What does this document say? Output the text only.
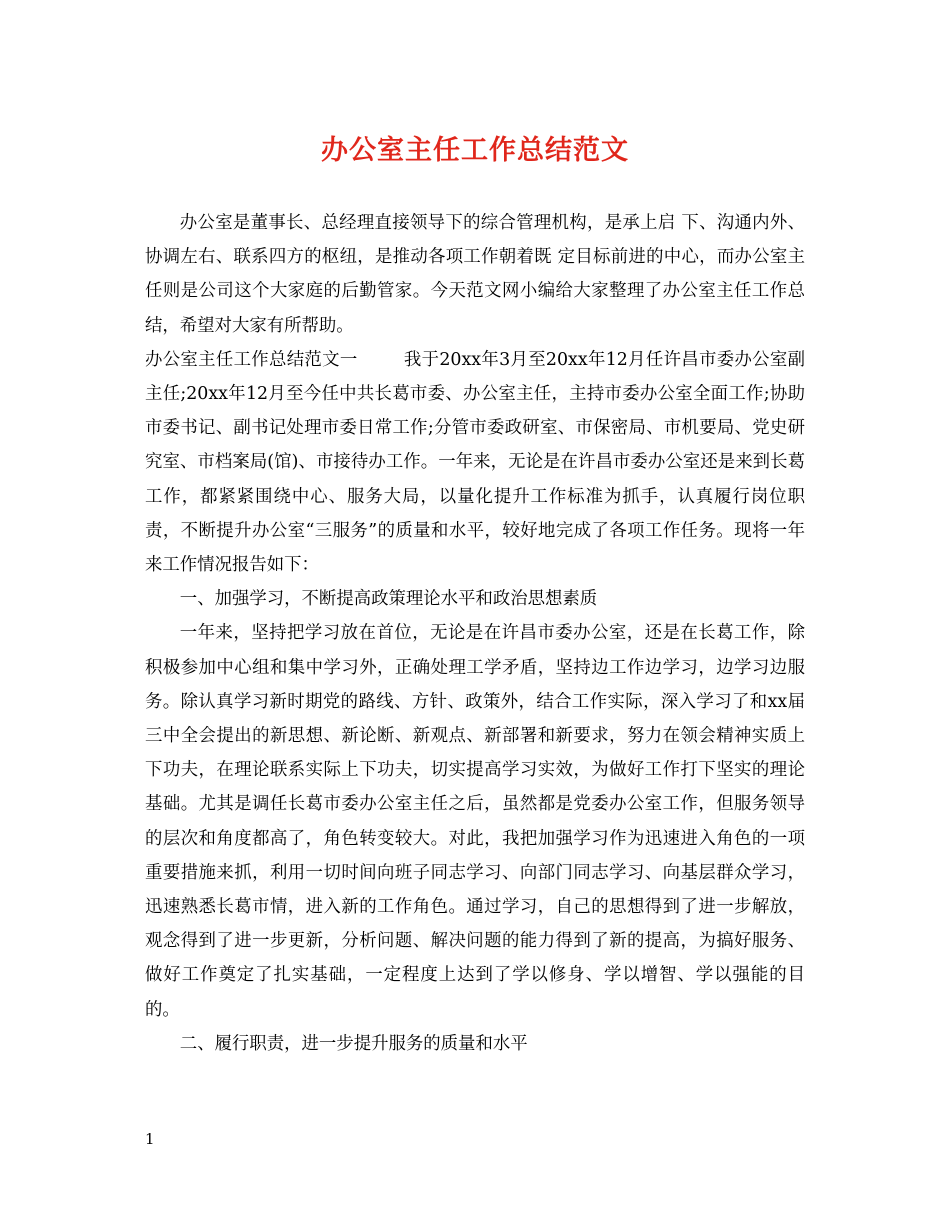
办公室主任工作总结范文

办公室是董事长、总经理直接领导下的综合管理机构，是承上启 下、沟通内外、协调左右、联系四方的枢纽，是推动各项工作朝着既 定目标前进的中心，而办公室主任则是公司这个大家庭的后勤管家。今天范文网小编给大家整理了办公室主任工作总结，希望对大家有所帮助。

办公室主任工作总结范文一	我于20xx年3月至20xx年12月任许昌市委办公室副主任;20xx年12月至今任中共长葛市委、办公室主任，主持市委办公室全面工作;协助市委书记、副书记处理市委日常工作;分管市委政研室、市保密局、市机要局、党史研究室、市档案局(馆)、市接待办工作。一年来，无论是在许昌市委办公室还是来到长葛工作，都紧紧围绕中心、服务大局，以量化提升工作标准为抓手，认真履行岗位职责，不断提升办公室“三服务”的质量和水平，较好地完成了各项工作任务。现将一年来工作情况报告如下：

一、加强学习，不断提高政策理论水平和政治思想素质

一年来，坚持把学习放在首位，无论是在许昌市委办公室，还是在长葛工作，除积极参加中心组和集中学习外，正确处理工学矛盾，坚持边工作边学习，边学习边服务。除认真学习新时期党的路线、方针、政策外，结合工作实际，深入学习了和xx届三中全会提出的新思想、新论断、新观点、新部署和新要求，努力在领会精神实质上下功夫，在理论联系实际上下功夫，切实提高学习实效，为做好工作打下坚实的理论基础。尤其是调任长葛市委办公室主任之后，虽然都是党委办公室工作，但服务领导的层次和角度都高了，角色转变较大。对此，我把加强学习作为迅速进入角色的一项重要措施来抓，利用一切时间向班子同志学习、向部门同志学习、向基层群众学习，迅速熟悉长葛市情，进入新的工作角色。通过学习，自己的思想得到了进一步解放，观念得到了进一步更新，分析问题、解决问题的能力得到了新的提高，为搞好服务、做好工作奠定了扎实基础，一定程度上达到了学以修身、学以增智、学以强能的目的。

二、履行职责，进一步提升服务的质量和水平

1
